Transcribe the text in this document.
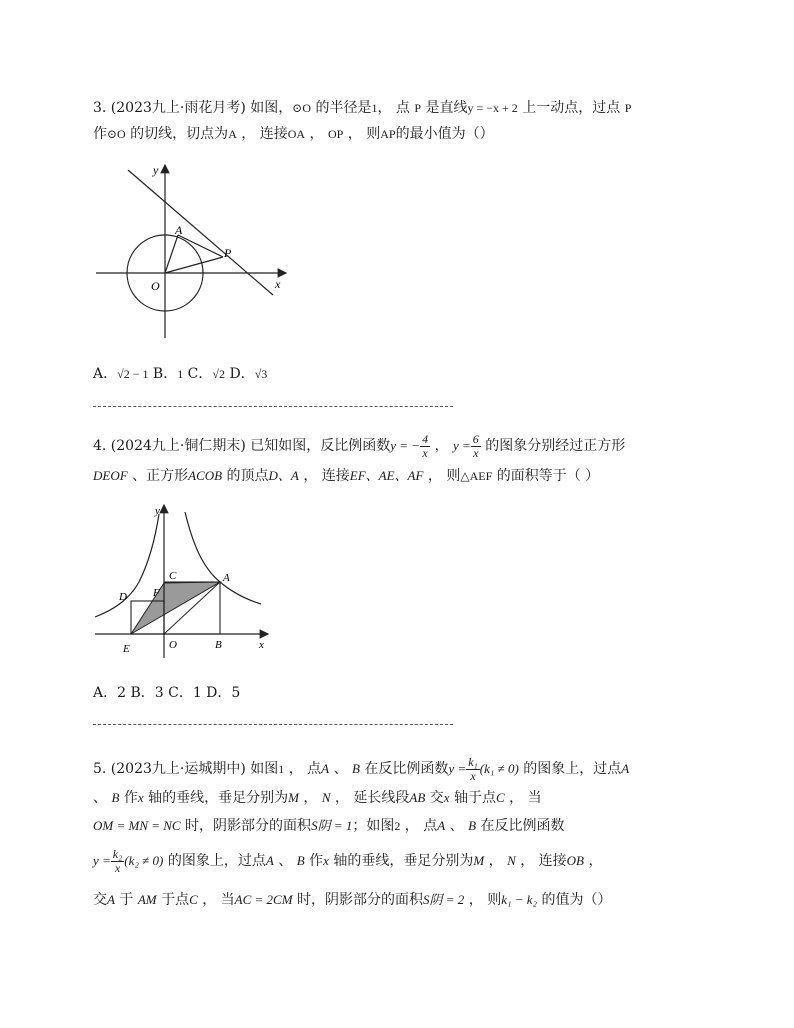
3. (2023九上·雨花月考) 如图，⊙O 的半径是1， 点 P 是直线y = −x + 2 上一动点，过点 P
作⊙O 的切线，切点为A ， 连接OA ， OP ， 则AP的最小值为（）
y
x
O
A
P
A．√2 − 1 B．1 C．√2 D．√3
4. (2024九上·铜仁期末) 已知如图，反比例函数y = − $\frac{4}{x}$ ， $y = \frac{6}{x}$ 的图象分别经过正方形
DEOF 、正方形ACOB 的顶点D、A ， 连接EF、AE、AF ， 则△AEF 的面积等于（ ）
y
x
O
A
B
C
D
E
F
A．2 B．3 C．1 D．5
5. (2023九上·运城期中) 如图1 ， 点A 、 B 在反比例函数$y = \frac{\text{k₁}}{x} (k_1 \ne 0)$ 的图象上，过点A
、 B 作x 轴的垂线，垂足分别为M ， N ， 延长线段AB 交x 轴于点C ， 当
OM = MN = NC 时，阴影部分的面积S阴 = 1；如图2 ， 点A 、 B 在反比例函数
$y = \frac{\text{k₂}}{x} (k_2 \ne 0)$ 的图象上，过点A 、 B 作x 轴的垂线，垂足分别为M ， N ， 连接OB ，
交A 于 AM 于点C ， 当AC = 2CM 时，阴影部分的面积S阴 = 2 ， 则k₁ − k₂ 的值为（）
